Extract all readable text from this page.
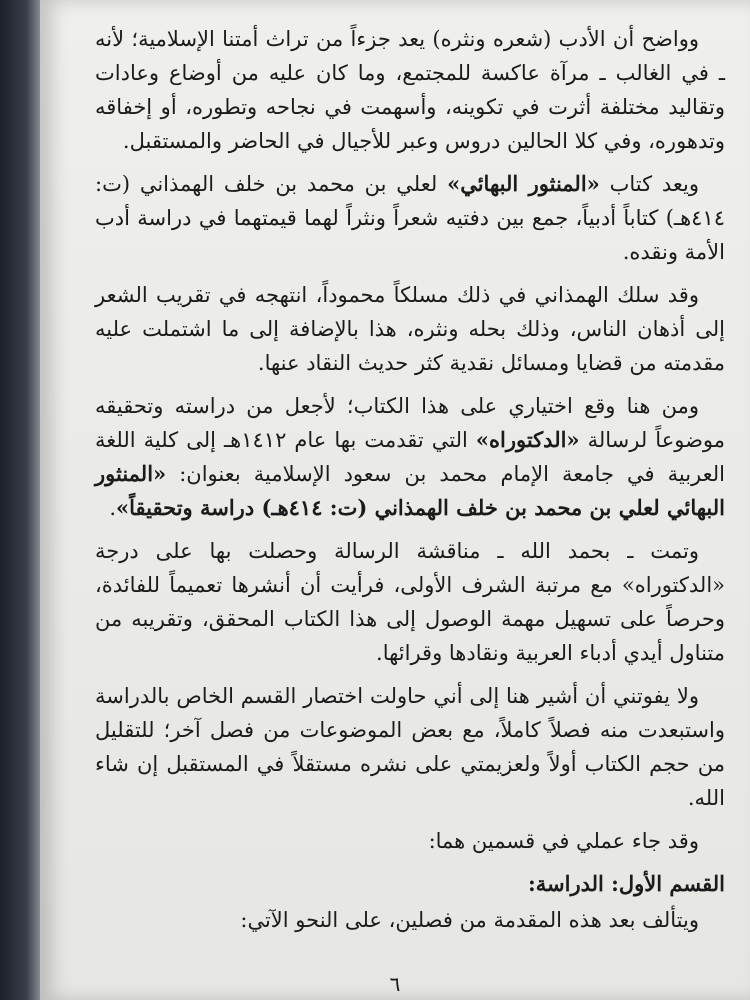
وواضح أن الأدب (شعره ونثره) يعد جزءاً من تراث أمتنا الإسلامية؛ لأنه ـ في الغالب ـ مرآة عاكسة للمجتمع، وما كان عليه من أوضاع وعادات وتقاليد مختلفة أثرت في تكوينه، وأسهمت في نجاحه وتطوره، أو إخفاقه وتدهوره، وفي كلا الحالين دروس وعبر للأجيال في الحاضر والمستقبل.

ويعد كتاب «المنثور البهائي» لعلي بن محمد بن خلف الهمذاني (ت: ٤١٤هـ) كتاباً أدبياً، جمع بين دفتيه شعراً ونثراً لهما قيمتهما في دراسة أدب الأمة ونقده.

وقد سلك الهمذاني في ذلك مسلكاً محموداً، انتهجه في تقريب الشعر إلى أذهان الناس، وذلك بحله ونثره، هذا بالإضافة إلى ما اشتملت عليه مقدمته من قضايا ومسائل نقدية كثر حديث النقاد عنها.

ومن هنا وقع اختياري على هذا الكتاب؛ لأجعل من دراسته وتحقيقه موضوعاً لرسالة «الدكتوراه» التي تقدمت بها عام ١٤١٢هـ إلى كلية اللغة العربية في جامعة الإمام محمد بن سعود الإسلامية بعنوان: «المنثور البهائي لعلي بن محمد بن خلف الهمذاني (ت: ٤١٤هـ) دراسة وتحقيقاً».

وتمت ـ بحمد الله ـ مناقشة الرسالة وحصلت بها على درجة «الدكتوراه» مع مرتبة الشرف الأولى، فرأيت أن أنشرها تعميماً للفائدة، وحرصاً على تسهيل مهمة الوصول إلى هذا الكتاب المحقق، وتقريبه من متناول أيدي أدباء العربية ونقادها وقرائها.

ولا يفوتني أن أشير هنا إلى أني حاولت اختصار القسم الخاص بالدراسة واستبعدت منه فصلاً كاملاً، مع بعض الموضوعات من فصل آخر؛ للتقليل من حجم الكتاب أولاً ولعزيمتي على نشره مستقلاً في المستقبل إن شاء الله.

وقد جاء عملي في قسمين هما:

القسم الأول: الدراسة:

ويتألف بعد هذه المقدمة من فصلين، على النحو الآتي:

٦
